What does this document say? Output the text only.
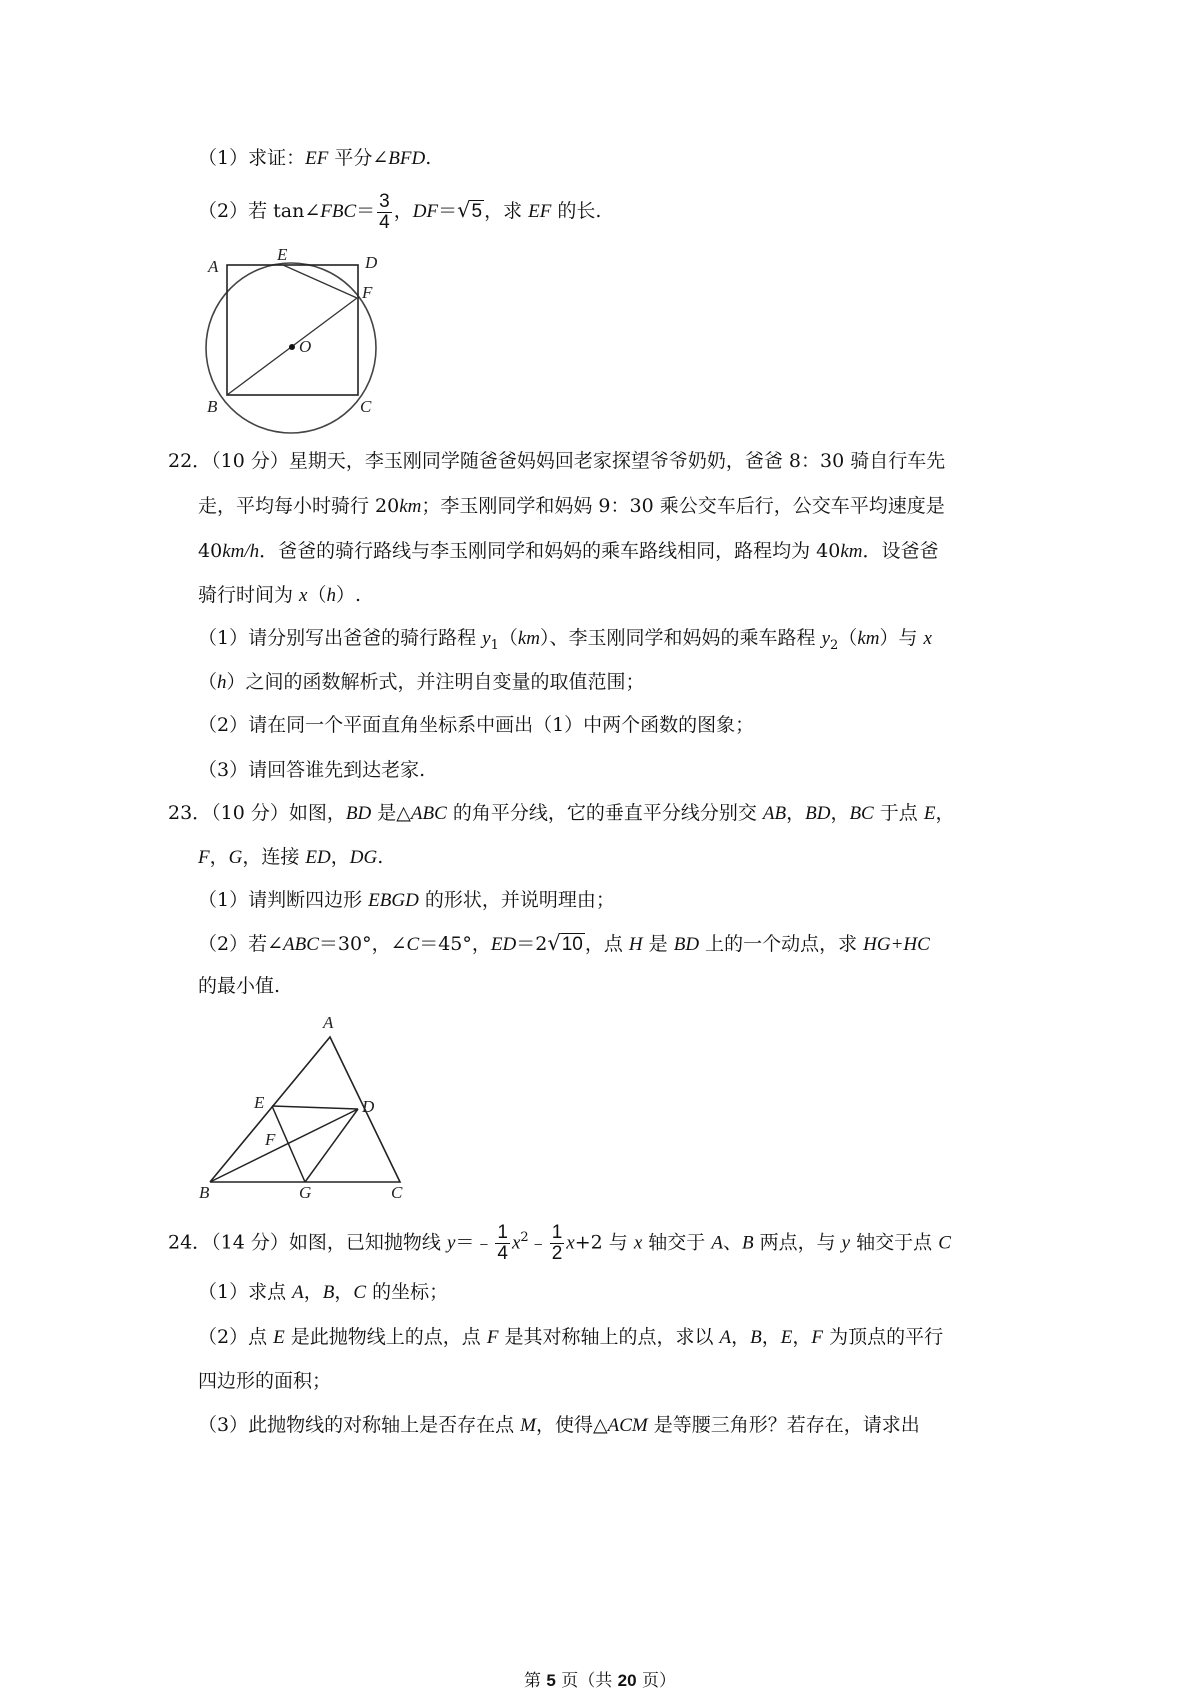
（1）求证：EF 平分∠BFD.
（2）若 tan∠FBC＝ $\frac{3}{4}$ ，DF＝√5 ，求 EF 的长.
A
E	D
F
O
B	C
22．（10 分）星期天，李玉刚同学随爸爸妈妈回老家探望爷爷奶奶，爸爸 8：30 骑自行车先
走，平均每小时骑行 20km；李玉刚同学和妈妈 9：30 乘公交车后行，公交车平均速度是
40km/h．爸爸的骑行路线与李玉刚同学和妈妈的乘车路线相同，路程均为 40km．设爸爸
骑行时间为 x（h）.
（1）请分别写出爸爸的骑行路程 $y_1(km)$、李玉刚同学和妈妈的乘车路程 $y_2(km)$与 x
（h）之间的函数解析式，并注明自变量的取值范围；
（2）请在同一个平面直角坐标系中画出（1）中两个函数的图象；
（3）请回答谁先到达老家.
23．（10 分）如图，BD 是△ABC 的角平分线，它的垂直平分线分别交 AB，BD，BC 于点 E，
F，G，连接 ED，DG.
（1）请判断四边形 EBGD 的形状，并说明理由；
（2）若∠ABC＝30°，∠C＝45°，ED＝2√10 ，点 H 是 BD 上的一个动点，求 HG+HC
的最小值.
A
E	D
F
B	G	C
24．（14 分）如图，已知抛物线 y＝﹣ $\frac{1}{4}$ $x^2﹣ \frac{1}{2} x+2$ 与 x 轴交于 A、B 两点，与 y 轴交于点 C
（1）求点 A，B，C 的坐标；
（2）点 E 是此抛物线上的点，点 F 是其对称轴上的点，求以 A，B，E，F 为顶点的平行
四边形的面积；
（3）此抛物线的对称轴上是否存在点 M，使得△ACM 是等腰三角形？若存在，请求出
第 5 页（共 20 页）
